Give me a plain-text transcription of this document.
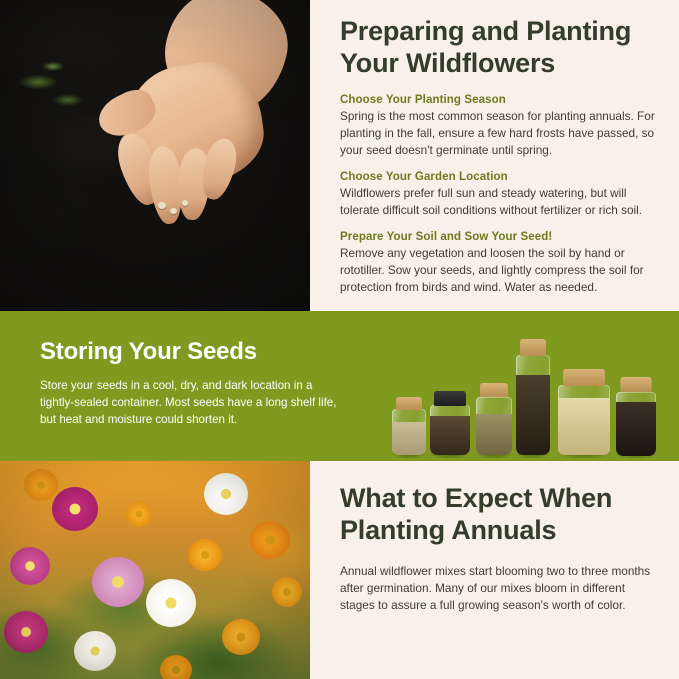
Preparing and Planting Your Wildflowers

Choose Your Planting Season

Spring is the most common season for planting annuals. For planting in the fall, ensure a few hard frosts have passed, so your seed doesn't germinate until spring.

Choose Your Garden Location

Wildflowers prefer full sun and steady watering, but will tolerate difficult soil conditions without fertilizer or rich soil.

Prepare Your Soil and Sow Your Seed!

Remove any vegetation and loosen the soil by hand or rototiller. Sow your seeds, and lightly compress the soil for protection from birds and wind. Water as needed.

Storing Your Seeds

Store your seeds in a cool, dry, and dark location in a tightly-sealed container. Most seeds have a long shelf life, but heat and moisture could shorten it.

What to Expect When Planting Annuals

Annual wildflower mixes start blooming two to three months after germination. Many of our mixes bloom in different stages to assure a full growing season's worth of color.
